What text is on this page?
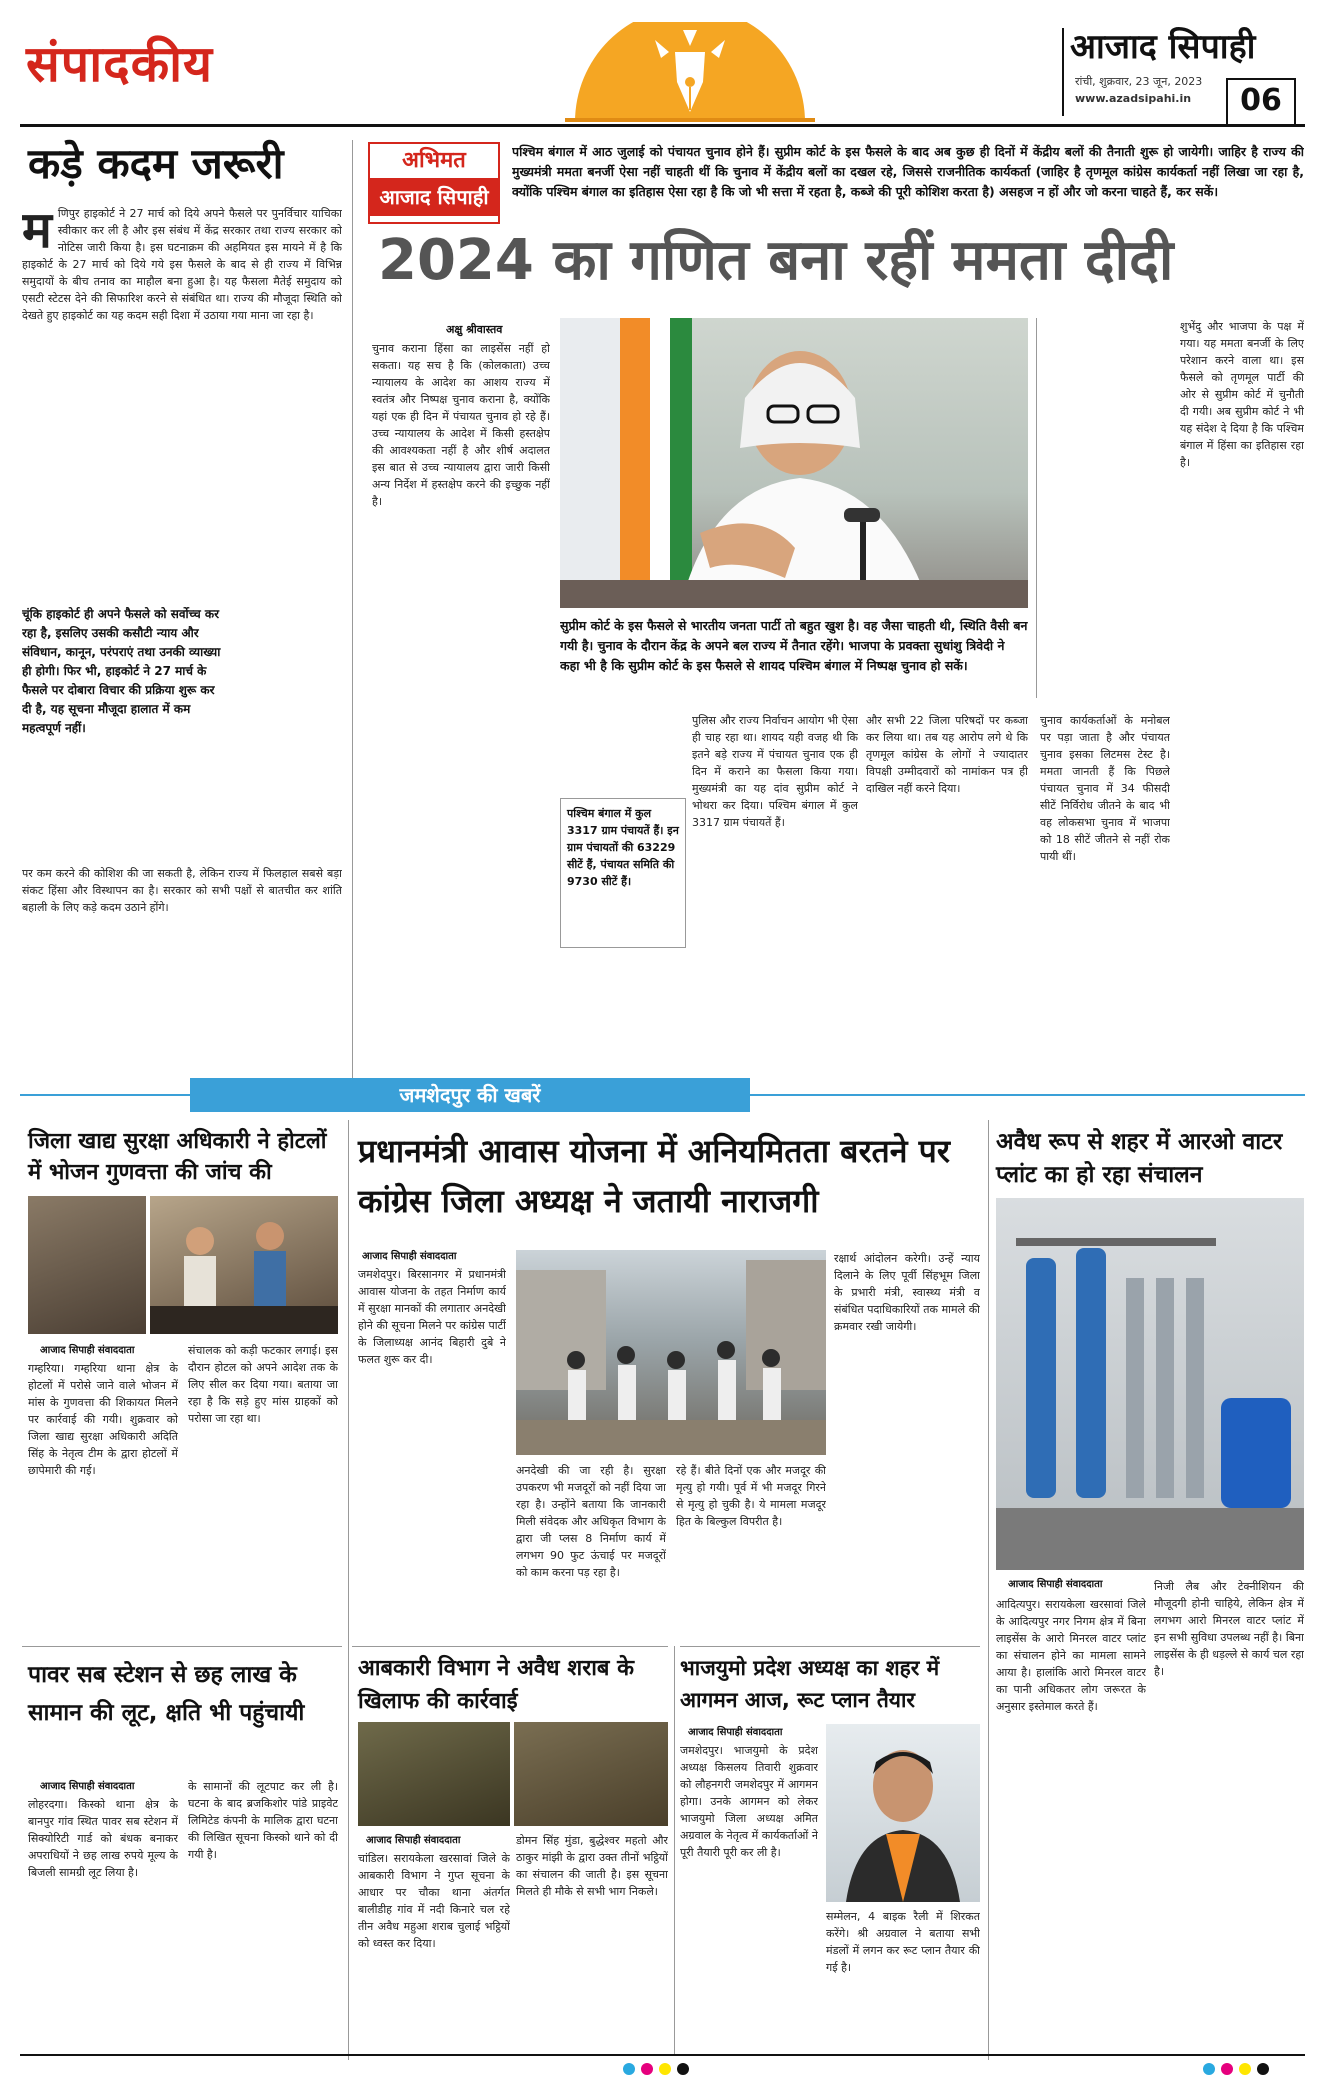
संपादकीय	आजाद सिपाही
रांची, शुक्रवार, 23 जून, 2023
www.azadsipahi.in	06
कड़े कदम जरूरी
म णिपुर हाइकोर्ट ने 27 मार्च को दिये अपने फैसले पर पुनर्विचार याचिका स्वीकार कर ली है और इस संबंध में केंद्र सरकार तथा राज्य सरकार को नोटिस जारी किया है। इस घटनाक्रम की अहमियत इस मायने में है कि हाइकोर्ट के 27 मार्च को दिये गये इस फैसले के बाद से ही राज्य में विभिन्न समुदायों के बीच तनाव का माहौल बना हुआ है। यह फैसला मैतेई समुदाय को एसटी स्टेटस देने की सिफारिश करने से संबंधित था। राज्य की मौजूदा स्थिति को देखते हुए हाइकोर्ट का यह कदम सही दिशा में उठाया गया माना जा रहा है।
चूंकि हाइकोर्ट ही अपने फैसले को सर्वोच्च कर रहा है, इसलिए उसकी कसौटी न्याय और संविधान, कानून, परंपराएं तथा उनकी व्याख्या ही होगी। फिर भी, हाइकोर्ट ने 27 मार्च के फैसले पर दोबारा विचार की प्रक्रिया शुरू कर दी है, यह सूचना मौजूदा हालात में कम महत्वपूर्ण नहीं।
पर कम करने की कोशिश की जा सकती है, लेकिन राज्य में फिलहाल सबसे बड़ा संकट हिंसा और विस्थापन का है। सरकार को सभी पक्षों से बातचीत कर शांति बहाली के लिए कड़े कदम उठाने होंगे।
अभिमत
आजाद सिपाही
पश्चिम बंगाल में आठ जुलाई को पंचायत चुनाव होने हैं। सुप्रीम कोर्ट के इस फैसले के बाद अब कुछ ही दिनों में केंद्रीय बलों की तैनाती शुरू हो जायेगी। जाहिर है राज्य की मुख्यमंत्री ममता बनर्जी ऐसा नहीं चाहती थीं कि चुनाव में केंद्रीय बलों का दखल रहे, जिससे राजनीतिक कार्यकर्ता (जाहिर है तृणमूल कांग्रेस कार्यकर्ता नहीं लिखा जा रहा है, क्योंकि पश्चिम बंगाल का इतिहास ऐसा रहा है कि जो भी सत्ता में रहता है, कब्जे की पूरी कोशिश करता है) असहज न हों और जो करना चाहते हैं, कर सकें।
2024 का गणित बना रहीं ममता दीदी
अक्षु श्रीवास्तव
चुनाव कराना हिंसा का लाइसेंस नहीं हो सकता। यह सच है कि (कोलकाता) उच्च न्यायालय के आदेश का आशय राज्य में स्वतंत्र और निष्पक्ष चुनाव कराना है, क्योंकि यहां एक ही दिन में पंचायत चुनाव हो रहे हैं। उच्च न्यायालय के आदेश में किसी हस्तक्षेप की आवश्यकता नहीं है और शीर्ष अदालत इस बात से उच्च न्यायालय द्वारा जारी किसी अन्य निर्देश में हस्तक्षेप करने की इच्छुक नहीं है।
सुप्रीम कोर्ट के इस फैसले से भारतीय जनता पार्टी तो बहुत खुश है। वह जैसा चाहती थी, स्थिति वैसी बन गयी है। चुनाव के दौरान केंद्र के अपने बल राज्य में तैनात रहेंगे। भाजपा के प्रवक्ता सुधांशु त्रिवेदी ने कहा भी है कि सुप्रीम कोर्ट के इस फैसले से शायद पश्चिम बंगाल में निष्पक्ष चुनाव हो सकें।
पश्चिम बंगाल में कुल 3317 ग्राम पंचायतें हैं। इन ग्राम पंचायतों की 63229 सीटें हैं, पंचायत समिति की 9730 सीटें हैं।
पुलिस और राज्य निर्वाचन आयोग भी ऐसा ही चाह रहा था। शायद यही वजह थी कि इतने बड़े राज्य में पंचायत चुनाव एक ही दिन में कराने का फैसला किया गया। मुख्यमंत्री का यह दांव सुप्रीम कोर्ट ने भोथरा कर दिया। पश्चिम बंगाल में कुल 3317 ग्राम पंचायतें हैं।
और सभी 22 जिला परिषदों पर कब्जा कर लिया था। तब यह आरोप लगे थे कि तृणमूल कांग्रेस के लोगों ने ज्यादातर विपक्षी उम्मीदवारों को नामांकन पत्र ही दाखिल नहीं करने दिया।
चुनाव कार्यकर्ताओं के मनोबल पर पड़ा जाता है और पंचायत चुनाव इसका लिटमस टेस्ट है। ममता जानती हैं कि पिछले पंचायत चुनाव में 34 फीसदी सीटें निर्विरोध जीतने के बाद भी वह लोकसभा चुनाव में भाजपा को 18 सीटें जीतने से नहीं रोक पायी थीं।
शुभेंदु और भाजपा के पक्ष में गया। यह ममता बनर्जी के लिए परेशान करने वाला था। इस फैसले को तृणमूल पार्टी की ओर से सुप्रीम कोर्ट में चुनौती दी गयी। अब सुप्रीम कोर्ट ने भी यह संदेश दे दिया है कि पश्चिम बंगाल में हिंसा का इतिहास रहा है।
जमशेदपुर की खबरें
जिला खाद्य सुरक्षा अधिकारी ने होटलों में भोजन गुणवत्ता की जांच की
आजाद सिपाही संवाददाता
गम्हरिया। गम्हरिया थाना क्षेत्र के होटलों में परोसे जाने वाले भोजन में मांस के गुणवत्ता की शिकायत मिलने पर कार्रवाई की गयी। शुक्रवार को जिला खाद्य सुरक्षा अधिकारी अदिति सिंह के नेतृत्व टीम के द्वारा होटलों में छापेमारी की गई।
संचालक को कड़ी फटकार लगाई। इस दौरान होटल को अपने आदेश तक के लिए सील कर दिया गया। बताया जा रहा है कि सड़े हुए मांस ग्राहकों को परोसा जा रहा था।
प्रधानमंत्री आवास योजना में अनियमितता बरतने पर कांग्रेस जिला अध्यक्ष ने जतायी नाराजगी
आजाद सिपाही संवाददाता
जमशेदपुर। बिरसानगर में प्रधानमंत्री आवास योजना के तहत निर्माण कार्य में सुरक्षा मानकों की लगातार अनदेखी होने की सूचना मिलने पर कांग्रेस पार्टी के जिलाध्यक्ष आनंद बिहारी दुबे ने फलत शुरू कर दी।
रक्षार्थ आंदोलन करेगी। उन्हें न्याय दिलाने के लिए पूर्वी सिंहभूम जिला के प्रभारी मंत्री, स्वास्थ्य मंत्री व संबंधित पदाधिकारियों तक मामले की क्रमवार रखी जायेगी।
अनदेखी की जा रही है। सुरक्षा उपकरण भी मजदूरों को नहीं दिया जा रहा है। उन्होंने बताया कि जानकारी मिली संवेदक और अधिकृत विभाग के द्वारा जी प्लस 8 निर्माण कार्य में लगभग 90 फुट ऊंचाई पर मजदूरों को काम करना पड़ रहा है।
रहे हैं। बीते दिनों एक और मजदूर की मृत्यु हो गयी। पूर्व में भी मजदूर गिरने से मृत्यु हो चुकी है। ये मामला मजदूर हित के बिल्कुल विपरीत है।
अवैध रूप से शहर में आरओ वाटर प्लांट का हो रहा संचालन
आजाद सिपाही संवाददाता
आदित्यपुर। सरायकेला खरसावां जिले के आदित्यपुर नगर निगम क्षेत्र में बिना लाइसेंस के आरो मिनरल वाटर प्लांट का संचालन होने का मामला सामने आया है। हालांकि आरो मिनरल वाटर का पानी अधिकतर लोग जरूरत के अनुसार इस्तेमाल करते हैं।
निजी लैब और टेक्नीशियन की मौजूदगी होनी चाहिये, लेकिन क्षेत्र में लगभग आरो मिनरल वाटर प्लांट में इन सभी सुविधा उपलब्ध नहीं है। बिना लाइसेंस के ही धड़ल्ले से कार्य चल रहा है।
पावर सब स्टेशन से छह लाख के सामान की लूट, क्षति भी पहुंचायी
आजाद सिपाही संवाददाता
लोहरदगा। किस्को थाना क्षेत्र के बानपुर गांव स्थित पावर सब स्टेशन में सिक्योरिटी गार्ड को बंधक बनाकर अपराधियों ने छह लाख रुपये मूल्य के बिजली सामग्री लूट लिया है।
के सामानों की लूटपाट कर ली है। घटना के बाद ब्रजकिशोर पांडे प्राइवेट लिमिटेड कंपनी के मालिक द्वारा घटना की लिखित सूचना किस्को थाने को दी गयी है।
आबकारी विभाग ने अवैध शराब के खिलाफ की कार्रवाई
आजाद सिपाही संवाददाता
चांडिल। सरायकेला खरसावां जिले के आबकारी विभाग ने गुप्त सूचना के आधार पर चौका थाना अंतर्गत बालीडीह गांव में नदी किनारे चल रहे तीन अवैध महुआ शराब चुलाई भट्ठियों को ध्वस्त कर दिया।
डोमन सिंह मुंडा, बुद्धेश्वर महतो और ठाकुर मांझी के द्वारा उक्त तीनों भट्ठियों का संचालन की जाती है। इस सूचना मिलते ही मौके से सभी भाग निकले।
भाजयुमो प्रदेश अध्यक्ष का शहर में आगमन आज, रूट प्लान तैयार
आजाद सिपाही संवाददाता
जमशेदपुर। भाजयुमो के प्रदेश अध्यक्ष किसलय तिवारी शुक्रवार को लौहनगरी जमशेदपुर में आगमन होगा। उनके आगमन को लेकर भाजयुमो जिला अध्यक्ष अमित अग्रवाल के नेतृत्व में कार्यकर्ताओं ने पूरी तैयारी पूरी कर ली है।
सम्मेलन, 4 बाइक रैली में शिरकत करेंगे। श्री अग्रवाल ने बताया सभी मंडलों में लगन कर रूट प्लान तैयार की गई है।
